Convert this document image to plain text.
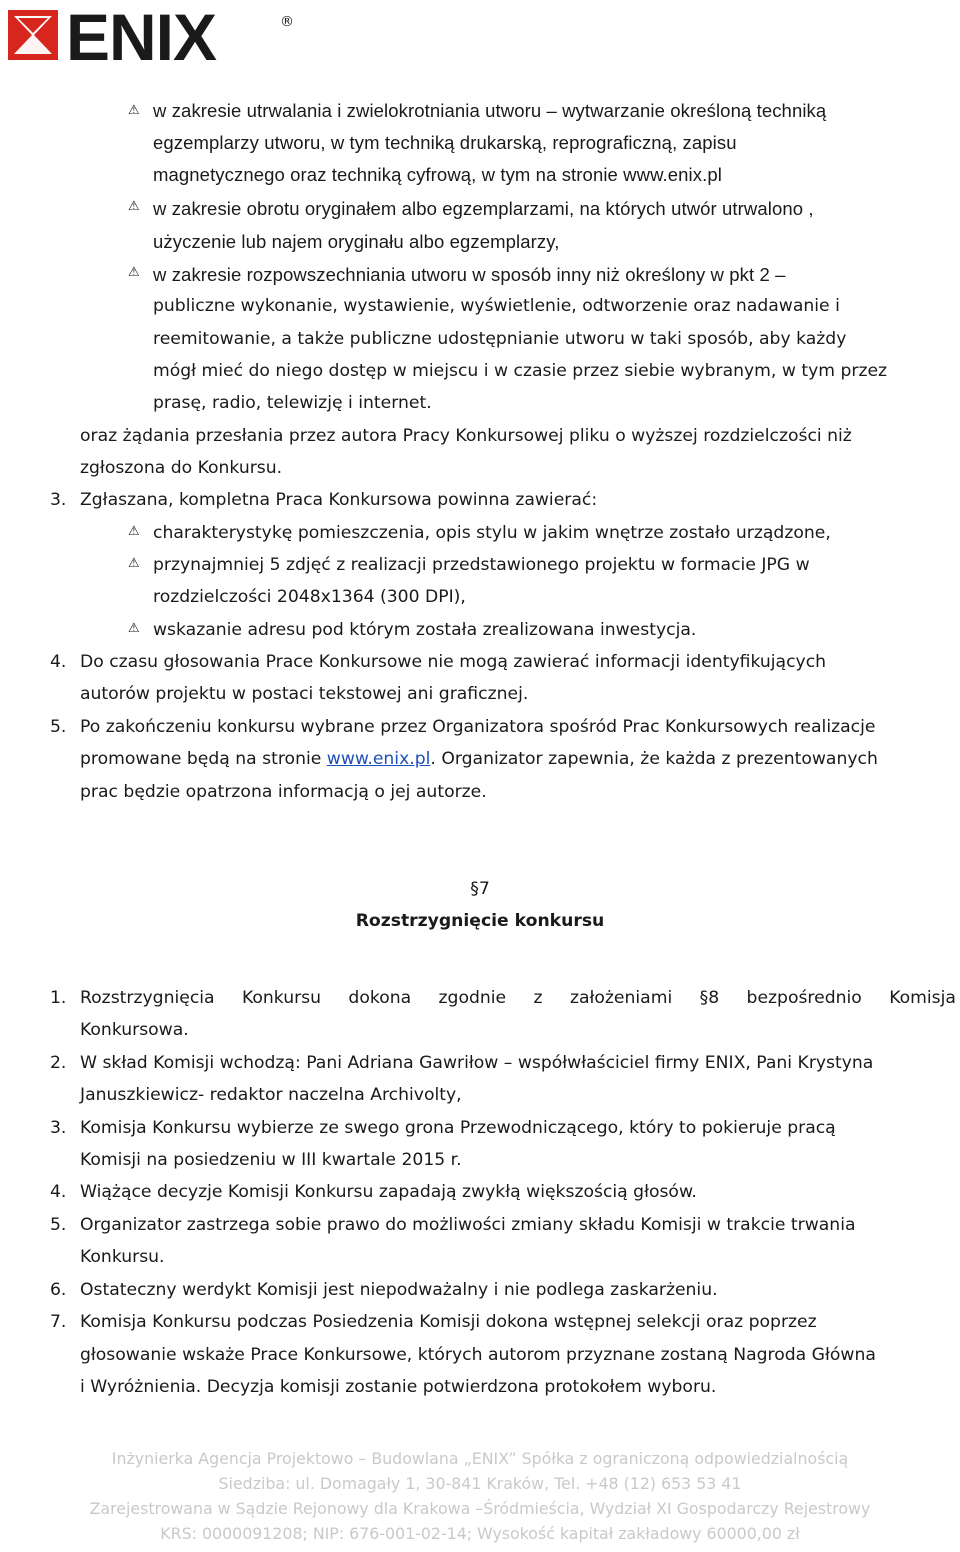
ENIX	®
⚠ w zakresie utrwalania i zwielokrotniania utworu – wytwarzanie określoną techniką
egzemplarzy utworu, w tym techniką drukarską, reprograficzną, zapisu
magnetycznego oraz techniką cyfrową, w tym na stronie www.enix.pl
⚠ w zakresie obrotu oryginałem albo egzemplarzami, na których utwór utrwalono ,
użyczenie lub najem oryginału albo egzemplarzy,
⚠ w zakresie rozpowszechniania utworu w sposób inny niż określony w pkt 2 –
publiczne wykonanie, wystawienie, wyświetlenie, odtworzenie oraz nadawanie i
reemitowanie, a także publiczne udostępnianie utworu w taki sposób, aby każdy
mógł mieć do niego dostęp w miejscu i w czasie przez siebie wybranym, w tym przez
prasę, radio, telewizję i internet.
oraz żądania przesłania przez autora Pracy Konkursowej pliku o wyższej rozdzielczości niż
zgłoszona do Konkursu.
3. Zgłaszana, kompletna Praca Konkursowa powinna zawierać:
⚠ charakterystykę pomieszczenia, opis stylu w jakim wnętrze zostało urządzone,
⚠ przynajmniej 5 zdjęć z realizacji przedstawionego projektu w formacie JPG w
rozdzielczości 2048x1364 (300 DPI),
⚠ wskazanie adresu pod którym została zrealizowana inwestycja.
4. Do czasu głosowania Prace Konkursowe nie mogą zawierać informacji identyfikujących
autorów projektu w postaci tekstowej ani graficznej.
5. Po zakończeniu konkursu wybrane przez Organizatora spośród Prac Konkursowych realizacje
promowane będą na stronie www.enix.pl. Organizator zapewnia, że każda z prezentowanych
prac będzie opatrzona informacją o jej autorze.
§7
Rozstrzygnięcie konkursu
1. Rozstrzygnięcia Konkursu dokona zgodnie z założeniami §8 bezpośrednio Komisja
Konkursowa.
2. W skład Komisji wchodzą: Pani Adriana Gawriłow – współwłaściciel firmy ENIX, Pani Krystyna
Januszkiewicz- redaktor naczelna Archivolty,
3. Komisja Konkursu wybierze ze swego grona Przewodniczącego, który to pokieruje pracą
Komisji na posiedzeniu w III kwartale 2015 r.
4. Wiążące decyzje Komisji Konkursu zapadają zwykłą większością głosów.
5. Organizator zastrzega sobie prawo do możliwości zmiany składu Komisji w trakcie trwania
Konkursu.
6. Ostateczny werdykt Komisji jest niepodważalny i nie podlega zaskarżeniu.
7. Komisja Konkursu podczas Posiedzenia Komisji dokona wstępnej selekcji oraz poprzez
głosowanie wskaże Prace Konkursowe, których autorom przyznane zostaną Nagroda Główna
i Wyróżnienia. Decyzja komisji zostanie potwierdzona protokołem wyboru.
Inżynierka Agencja Projektowo – Budowlana „ENIX” Spółka z ograniczoną odpowiedzialnością
Siedziba: ul. Domagały 1, 30-841 Kraków, Tel. +48 (12) 653 53 41
Zarejestrowana w Sądzie Rejonowy dla Krakowa –Śródmieścia, Wydział XI Gospodarczy Rejestrowy
KRS: 0000091208; NIP: 676-001-02-14; Wysokość kapitał zakładowy 60000,00 zł
